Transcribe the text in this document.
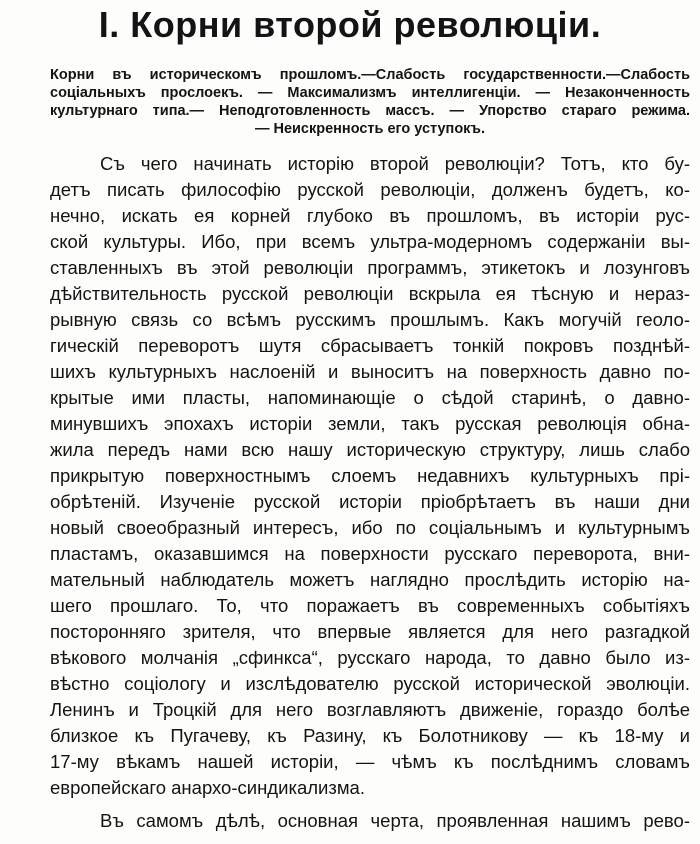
I. Корни второй революціи.
Корни въ историческомъ прошломъ.—Слабость государственности.—Слабость
соціальныхъ прослоекъ. — Максимализмъ интеллигенціи. — Незаконченность
культурнаго типа.— Неподготовленность массъ. — Упорство стараго режима.
— Неискренность его уступокъ.
Съ чего начинать исторію второй революціи? Тотъ, кто бу-
детъ писать философію русской революціи, долженъ будетъ, ко-
нечно, искать ея корней глубоко въ прошломъ, въ исторіи рус-
ской культуры. Ибо, при всемъ ультра-модерномъ содержаніи вы-
ставленныхъ въ этой революціи программъ, этикетокъ и лозунговъ
дѣйствительность русской революціи вскрыла ея тѣсную и нераз-
рывную связь со всѣмъ русскимъ прошлымъ. Какъ могучій геоло-
гическій переворотъ шутя сбрасываетъ тонкій покровъ позднѣй-
шихъ культурныхъ наслоеній и выноситъ на поверхность давно по-
крытые ими пласты, напоминающіе о сѣдой старинѣ, о давно-
минувшихъ эпохахъ исторіи земли, такъ русская революція обна-
жила передъ нами всю нашу историческую структуру, лишь слабо
прикрытую поверхностнымъ слоемъ недавнихъ культурныхъ прі-
обрѣтеній. Изученіе русской исторіи пріобрѣтаетъ въ наши дни
новый своеобразный интересъ, ибо по соціальнымъ и культурнымъ
пластамъ, оказавшимся на поверхности русскаго переворота, вни-
мательный наблюдатель можетъ наглядно прослѣдить исторію на-
шего прошлаго. То, что поражаетъ въ современныхъ событіяхъ
посторонняго зрителя, что впервые является для него разгадкой
вѣкового молчанія „сфинкса“, русскаго народа, то давно было из-
вѣстно соціологу и изслѣдователю русской исторической эволюціи.
Ленинъ и Троцкій для него возглавляютъ движеніе, гораздо болѣе
близкое къ Пугачеву, къ Разину, къ Болотникову — къ 18-му и
17-му вѣкамъ нашей исторіи, — чѣмъ къ послѣднимъ словамъ
европейскаго анархо-синдикализма.
Въ самомъ дѣлѣ, основная черта, проявленная нашимъ рево-
